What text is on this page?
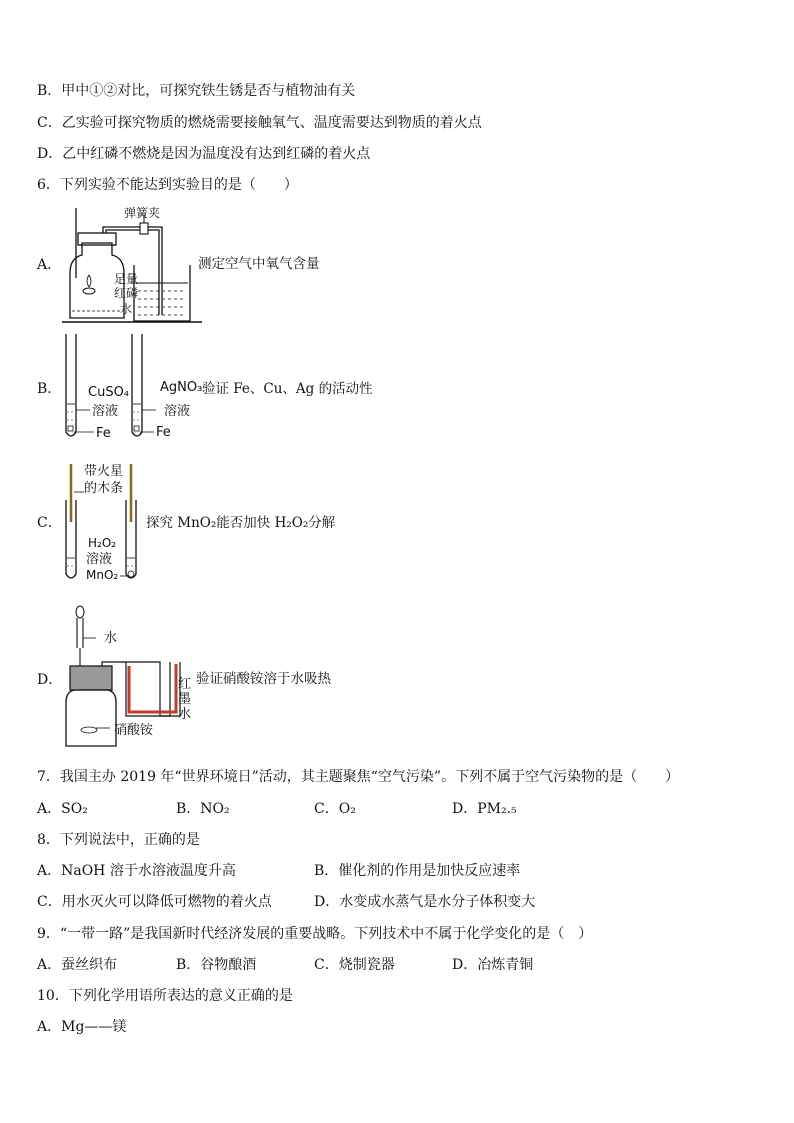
B．甲中①②对比，可探究铁生锈是否与植物油有关
C．乙实验可探究物质的燃烧需要接触氧气、温度需要达到物质的着火点
D．乙中红磷不燃烧是因为温度没有达到红磷的着火点
6．下列实验不能达到实验目的是（　　）
A．
弹簧夹
足量
红磷
水
测定空气中氧气含量
B． CuSO₄
溶液
Fe
AgNO₃
溶液
Fe
验证 Fe、Cu、Ag 的活动性
C．
带火星
的木条
H₂O₂
溶液
MnO₂
探究 MnO₂能否加快 H₂O₂分解
D．
水
红
墨
水
硝酸铵
验证硝酸铵溶于水吸热
7．我国主办 2019 年“世界环境日”活动，其主题聚焦“空气污染”。下列不属于空气污染物的是（　　）
A．SO₂	B．NO₂	C．O₂	D．PM₂.₅
8．下列说法中，正确的是
A．NaOH 溶于水溶液温度升高	B．催化剂的作用是加快反应速率
C．用水灭火可以降低可燃物的着火点	D．水变成水蒸气是水分子体积变大
9．“一带一路”是我国新时代经济发展的重要战略。下列技术中不属于化学变化的是（　）
A．蚕丝织布	B．谷物酿酒	C．烧制瓷器	D．冶炼青铜
10．下列化学用语所表达的意义正确的是
A．Mg——镁
